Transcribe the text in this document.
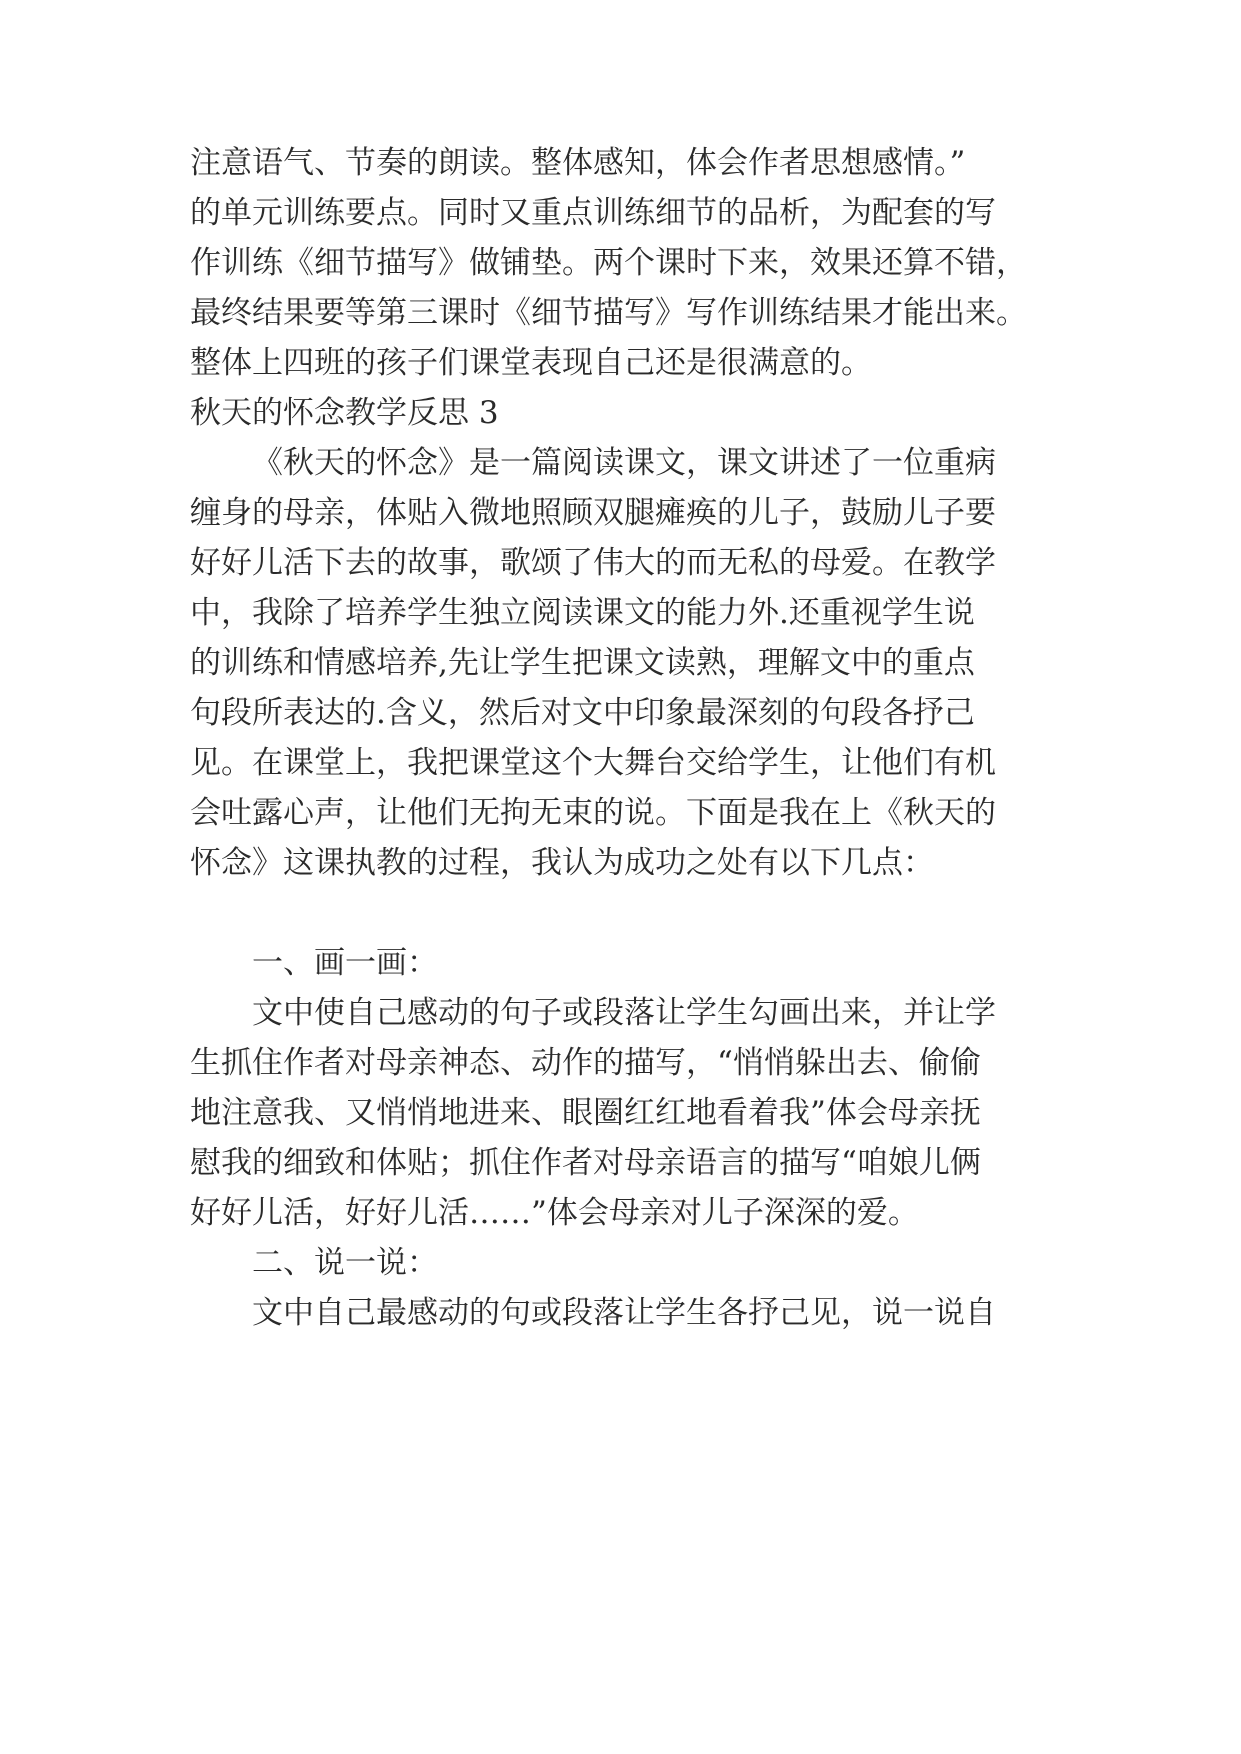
注意语气、节奏的朗读。整体感知，体会作者思想感情。”
的单元训练要点。同时又重点训练细节的品析，为配套的写
作训练《细节描写》做铺垫。两个课时下来，效果还算不错，
最终结果要等第三课时《细节描写》写作训练结果才能出来。
整体上四班的孩子们课堂表现自己还是很满意的。
秋天的怀念教学反思 3
《秋天的怀念》是一篇阅读课文，课文讲述了一位重病
缠身的母亲，体贴入微地照顾双腿瘫痪的儿子，鼓励儿子要
好好儿活下去的故事，歌颂了伟大的而无私的母爱。在教学
中，我除了培养学生独立阅读课文的能力外.还重视学生说
的训练和情感培养,先让学生把课文读熟，理解文中的重点
句段所表达的.含义，然后对文中印象最深刻的句段各抒己
见。在课堂上，我把课堂这个大舞台交给学生，让他们有机
会吐露心声，让他们无拘无束的说。下面是我在上《秋天的
怀念》这课执教的过程，我认为成功之处有以下几点：
一、画一画：
文中使自己感动的句子或段落让学生勾画出来，并让学
生抓住作者对母亲神态、动作的描写，“悄悄躲出去、偷偷
地注意我、又悄悄地进来、眼圈红红地看着我”体会母亲抚
慰我的细致和体贴；抓住作者对母亲语言的描写“咱娘儿俩
好好儿活，好好儿活……”体会母亲对儿子深深的爱。
二、说一说：
文中自己最感动的句或段落让学生各抒己见，说一说自
